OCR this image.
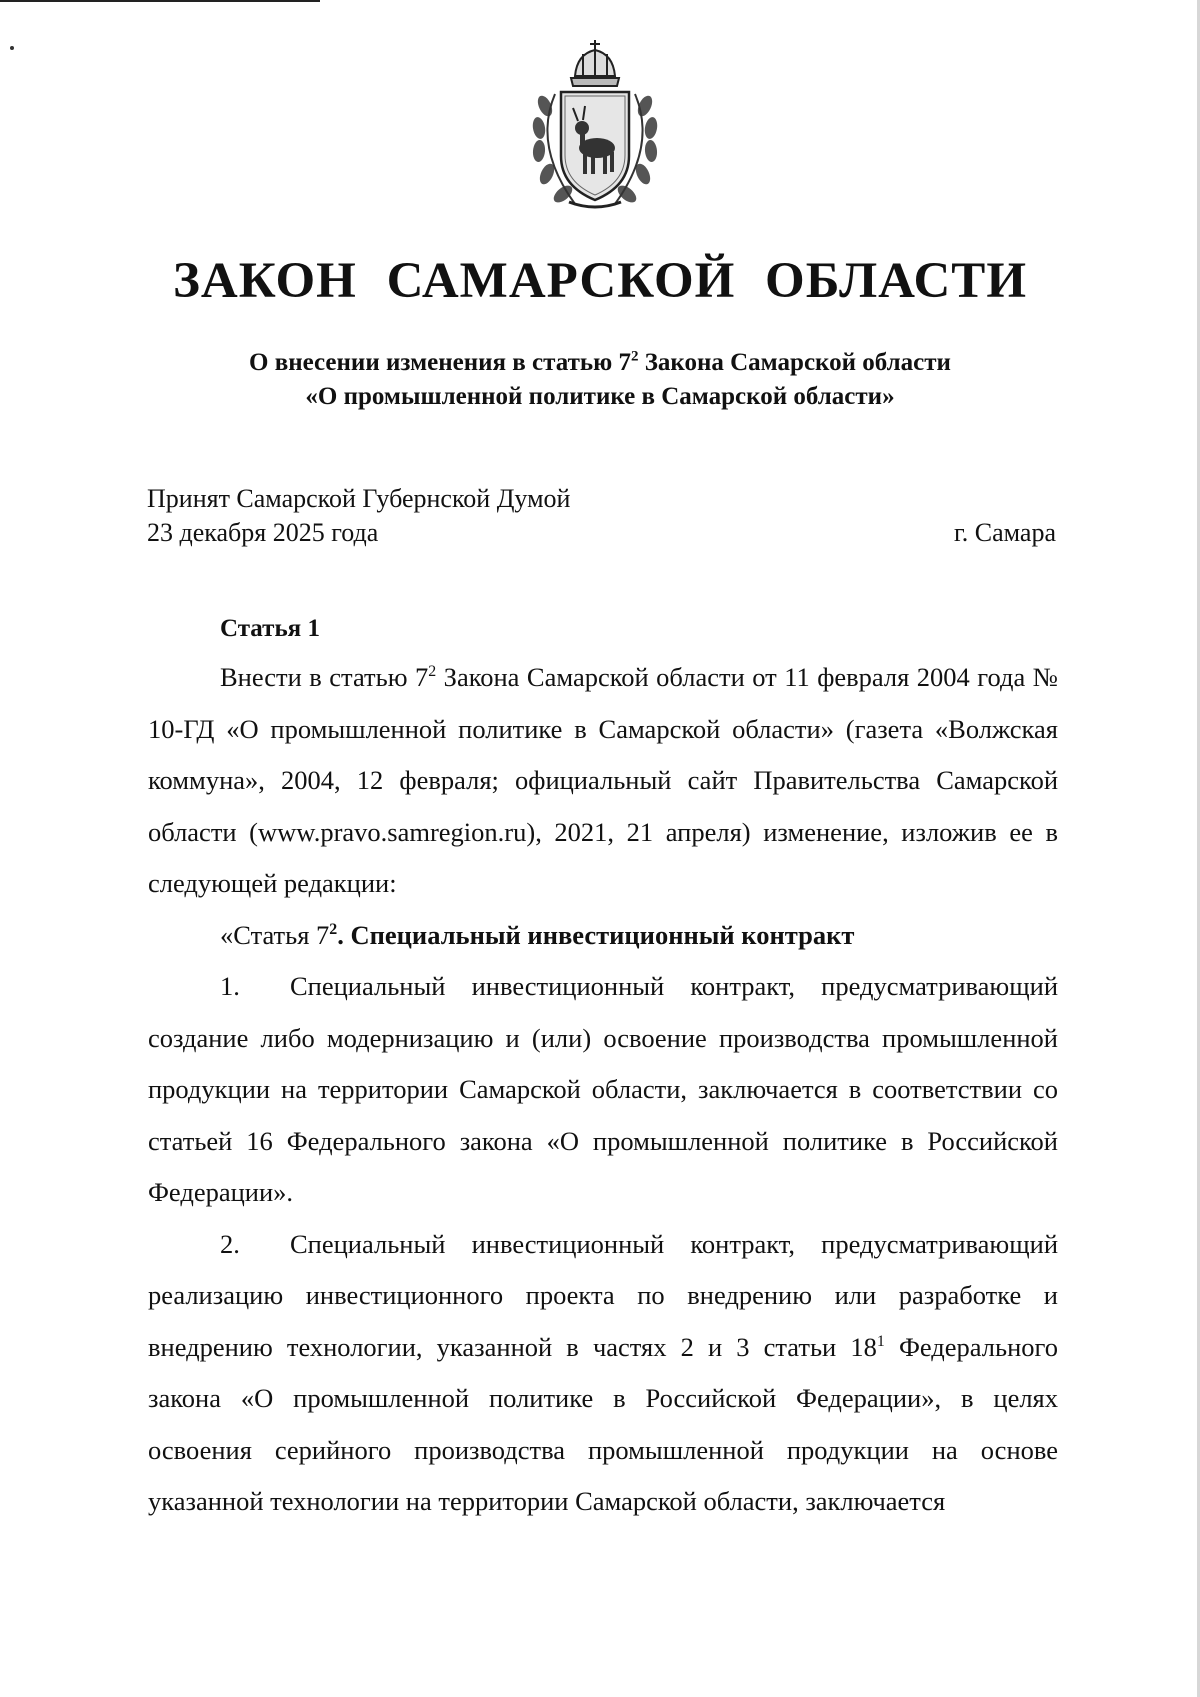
ЗАКОН САМАРСКОЙ ОБЛАСТИ
О внесении изменения в статью $7^2$ Закона Самарской области
«О промышленной политике в Самарской области»
Принят Самарской Губернской Думой
23 декабря 2025 года	г. Самара
Статья 1

Внести в статью $7^2$ Закона Самарской области от 11 февраля 2004 года № 10-ГД «О промышленной политике в Самарской области» (газета «Волжская коммуна», 2004, 12 февраля; официальный сайт Правительства Самарской области (www.pravo.samregion.ru), 2021, 21 апреля) изменение, изложив ее в следующей редакции:

«Статья $7^2$. Специальный инвестиционный контракт

1. Специальный инвестиционный контракт, предусматривающий создание либо модернизацию и (или) освоение производства промышленной продукции на территории Самарской области, заключается в соответствии со статьей 16 Федерального закона «О промышленной политике в Российской Федерации».

2. Специальный инвестиционный контракт, предусматривающий реализацию инвестиционного проекта по внедрению или разработке и внедрению технологии, указанной в частях 2 и 3 статьи $18^1$ Федерального закона «О промышленной политике в Российской Федерации», в целях освоения серийного производства промышленной продукции на основе указанной технологии на территории Самарской области, заключается
